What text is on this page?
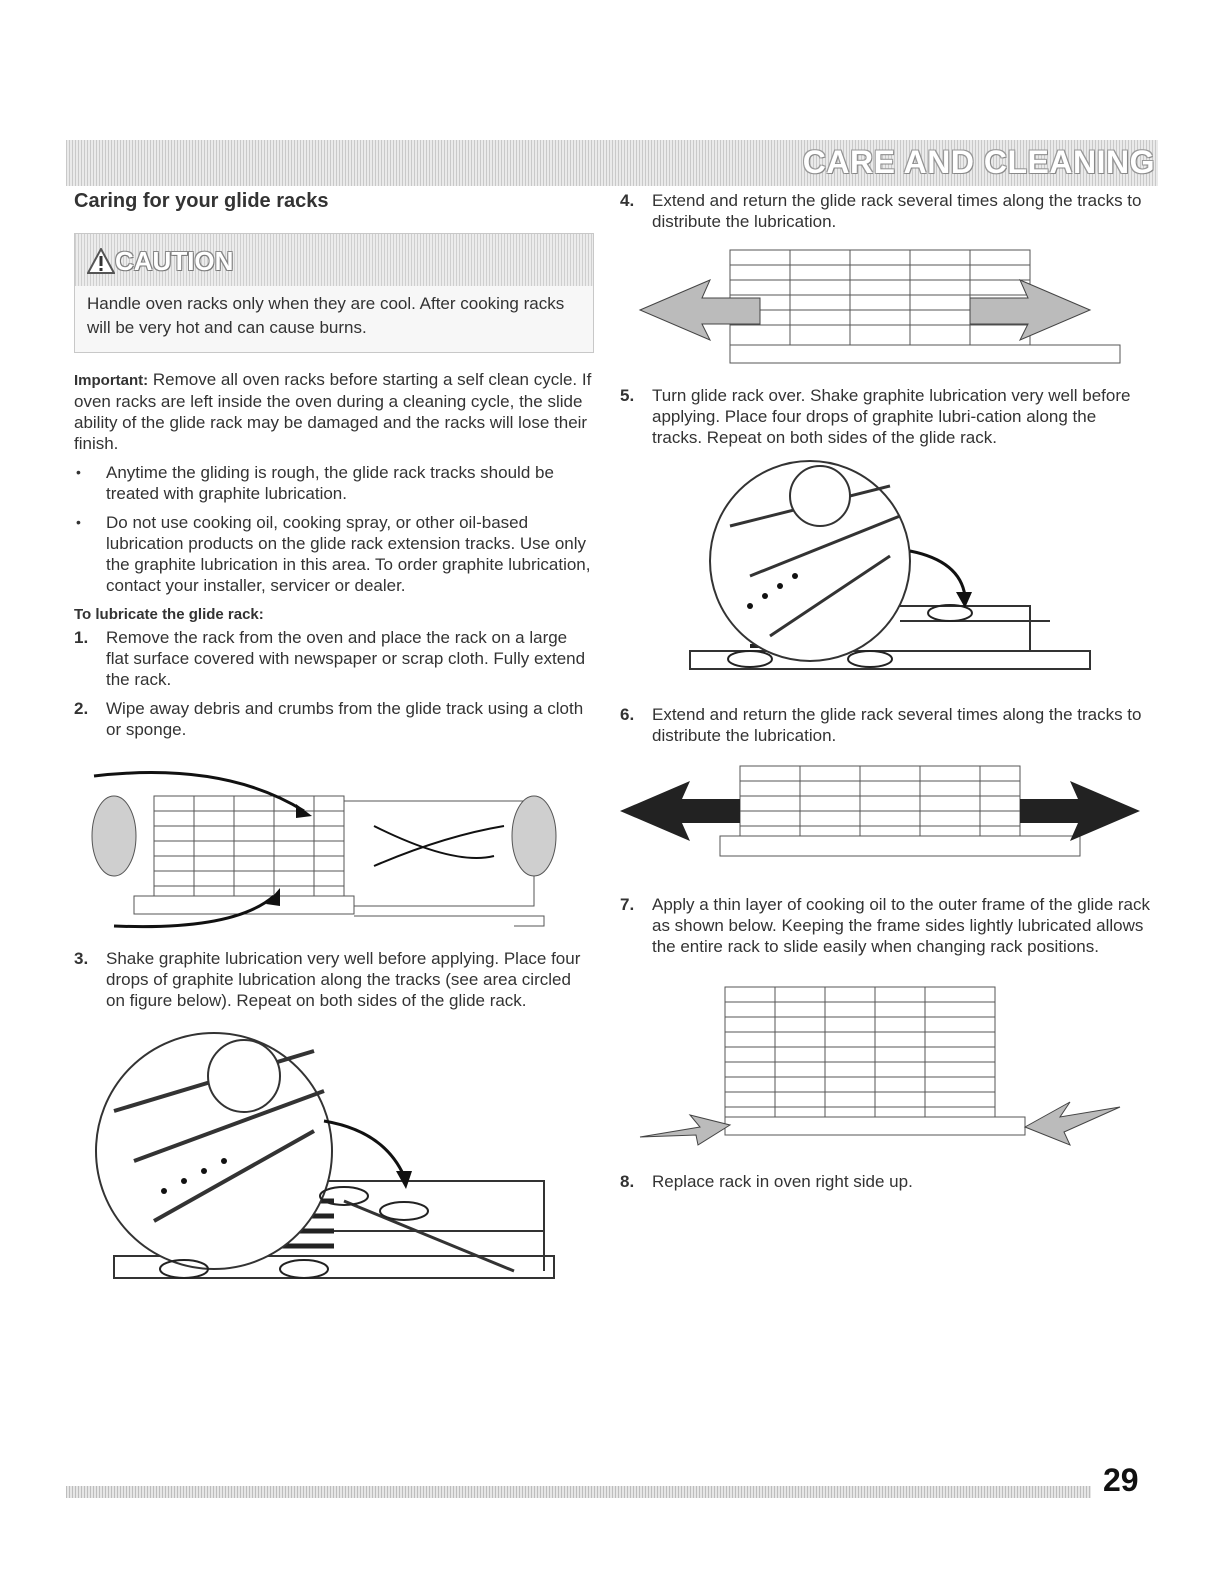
CARE AND CLEANING
Caring for your glide racks
CAUTION
Handle oven racks only when they are cool. After cooking racks will be very hot and can cause burns.

Important: Remove all oven racks before starting a self clean cycle. If oven racks are left inside the oven during a cleaning cycle, the slide ability of the glide rack may be damaged and the racks will lose their finish.

• Anytime the gliding is rough, the glide rack tracks should be treated with graphite lubrication.
• Do not use cooking oil, cooking spray, or other oil-based lubrication products on the glide rack extension tracks. Use only the graphite lubrication in this area. To order graphite lubrication, contact your installer, servicer or dealer.
To lubricate the glide rack:
1. Remove the rack from the oven and place the rack on a large flat surface covered with newspaper or scrap cloth. Fully extend the rack.
2. Wipe away debris and crumbs from the glide track using a cloth or sponge.
3. Shake graphite lubrication very well before applying. Place four drops of graphite lubrication along the tracks (see area circled on figure below). Repeat on both sides of the glide rack.
4. Extend and return the glide rack several times along the tracks to distribute the lubrication.
5. Turn glide rack over. Shake graphite lubrication very well before applying. Place four drops of graphite lubri-cation along the tracks. Repeat on both sides of the glide rack.
6. Extend and return the glide rack several times along the tracks to distribute the lubrication.
7. Apply a thin layer of cooking oil to the outer frame of the glide rack as shown below. Keeping the frame sides lightly lubricated allows the entire rack to slide easily when changing rack positions.
8. Replace rack in oven right side up.
29
